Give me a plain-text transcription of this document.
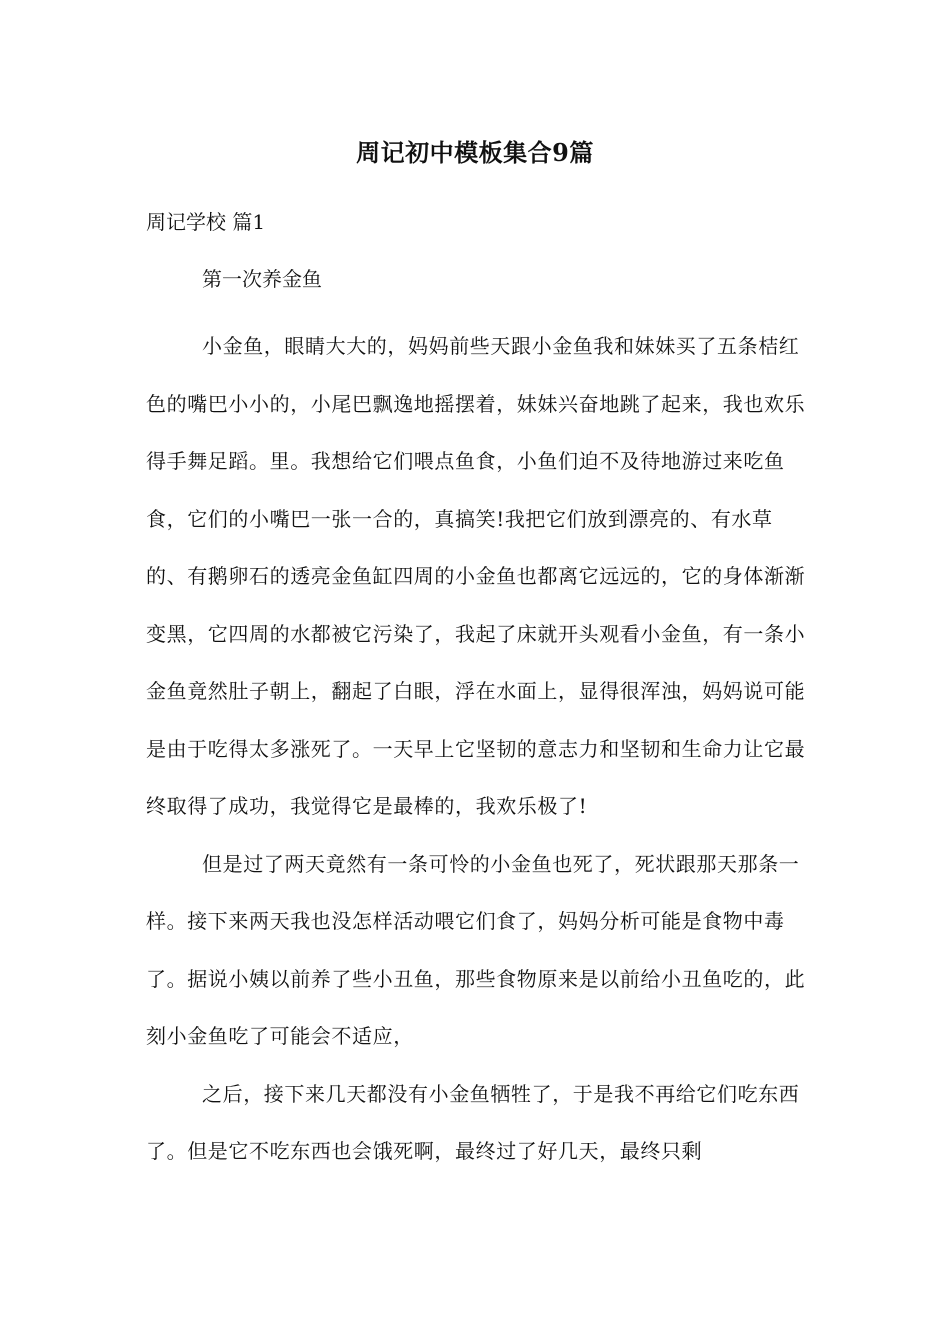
周记初中模板集合9篇
周记学校 篇1
第一次养金鱼

小金鱼，眼睛大大的，妈妈前些天跟小金鱼我和妹妹买了五条桔红色的嘴巴小小的，小尾巴飘逸地摇摆着，妹妹兴奋地跳了起来，我也欢乐得手舞足蹈。里。我想给它们喂点鱼食，小鱼们迫不及待地游过来吃鱼食，它们的小嘴巴一张一合的，真搞笑!我把它们放到漂亮的、有水草的、有鹅卵石的透亮金鱼缸四周的小金鱼也都离它远远的，它的身体渐渐变黑，它四周的水都被它污染了，我起了床就开头观看小金鱼，有一条小金鱼竟然肚子朝上，翻起了白眼，浮在水面上，显得很浑浊，妈妈说可能是由于吃得太多涨死了。一天早上它坚韧的意志力和坚韧和生命力让它最终取得了成功，我觉得它是最棒的，我欢乐极了!

但是过了两天竟然有一条可怜的小金鱼也死了，死状跟那天那条一样。接下来两天我也没怎样活动喂它们食了，妈妈分析可能是食物中毒了。据说小姨以前养了些小丑鱼，那些食物原来是以前给小丑鱼吃的，此刻小金鱼吃了可能会不适应，

之后，接下来几天都没有小金鱼牺牲了，于是我不再给它们吃东西了。但是它不吃东西也会饿死啊，最终过了好几天，最终只剩
